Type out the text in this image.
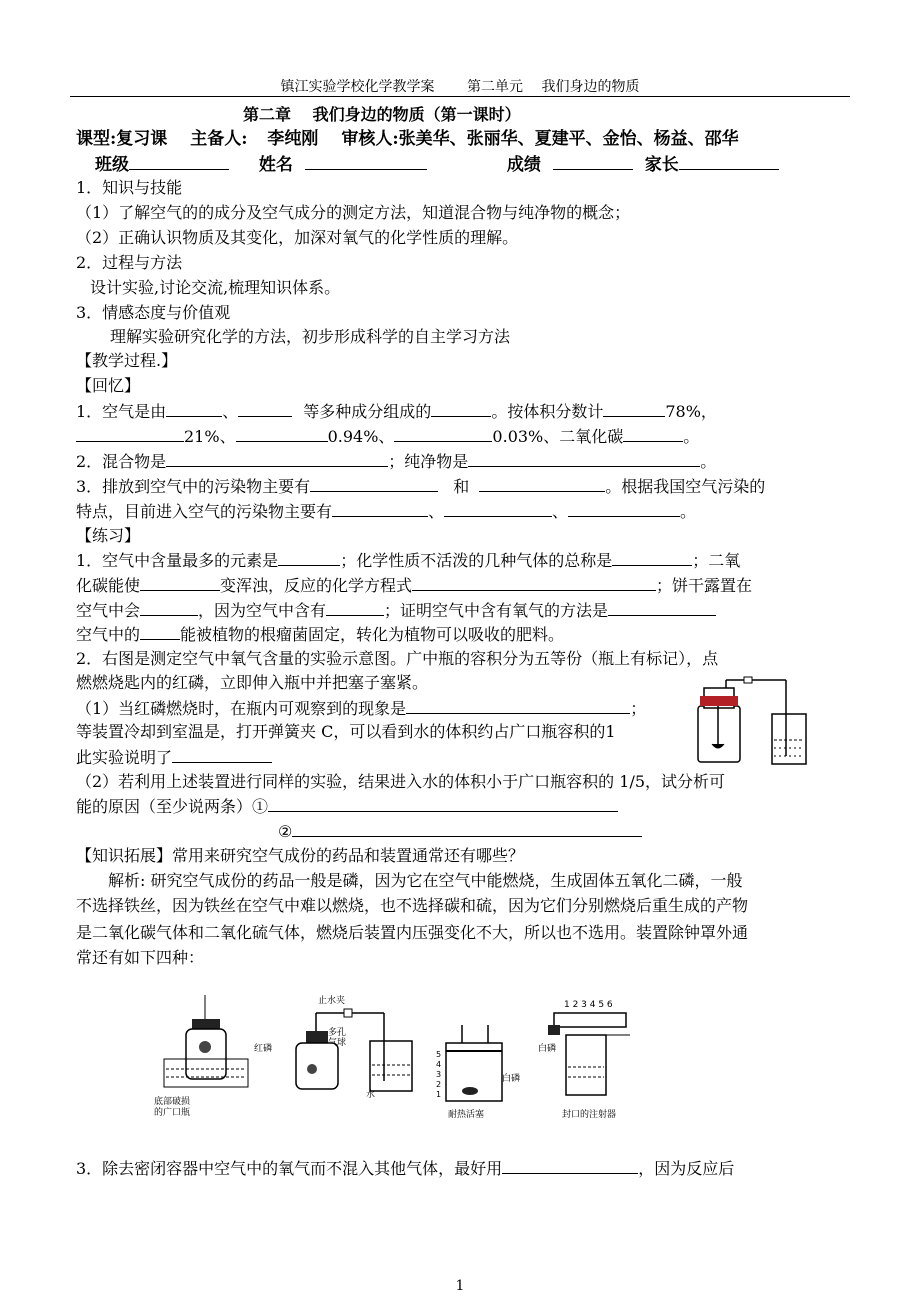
镇江实验学校化学教学案　　 第二单元　 我们身边的物质
第二章　 我们身边的物质（第一课时）
课型:复习课　 主备人: 李纯刚　 审核人:张美华、张丽华、夏建平、金怡、杨益、邵华
班级	姓名	成绩	家长
1．知识与技能
（1）了解空气的的成分及空气成分的测定方法，知道混合物与纯净物的概念；
（2）正确认识物质及其变化，加深对氧气的化学性质的理解。
2．过程与方法
设计实验,讨论交流,梳理知识体系。
3．情感态度与价值观
理解实验研究化学的方法，初步形成科学的自主学习方法
【教学过程.】
【回忆】
1．空气是由	、	等多种成分组成的	。按体积分数计	78%，
21%、	0.94%、	0.03%、二氧化碳	。
2．混合物是	；纯净物是	。
3．排放到空气中的污染物主要有	和	。根据我国空气污染的
特点，目前进入空气的污染物主要有	、	、	。
【练习】
1．空气中含量最多的元素是	；化学性质不活泼的几种气体的总称是	；二氧
化碳能使	变浑浊，反应的化学方程式	；饼干露置在
空气中会	，因为空气中含有	；证明空气中含有氧气的方法是
空气中的	能被植物的根瘤菌固定，转化为植物可以吸收的肥料。
2．右图是测定空气中氧气含量的实验示意图。广中瓶的容积分为五等份（瓶上有标记），点
燃燃烧匙内的红磷，立即伸入瓶中并把塞子塞紧。
（1）当红磷燃烧时，在瓶内可观察到的现象是	；
等装置冷却到室温是，打开弹簧夹 C，可以看到水的体积约占广口瓶容积的1
此实验说明了
（2）若利用上述装置进行同样的实验，结果进入水的体积小于广口瓶容积的 1/5，试分析可
能的原因（至少说两条）①
②
【知识拓展】常用来研究空气成份的药品和装置通常还有哪些？
解析: 研究空气成份的药品一般是磷，因为它在空气中能燃烧，生成固体五氧化二磷，一般
不选择铁丝，因为铁丝在空气中难以燃烧，也不选择碳和硫，因为它们分别燃烧后重生成的产物
是二氧化碳气体和二氧化硫气体，燃烧后装置内压强变化不大，所以也不选用。装置除钟罩外通
常还有如下四种：
底部破损
的广口瓶
止水夹
红磷
多孔
气球
水
白磷
5
4
3
2
1
耐热活塞
1 2 3 4 5 6
白磷
封口的注射器
3．除去密闭容器中空气中的氧气而不混入其他气体，最好用	，因为反应后
1
